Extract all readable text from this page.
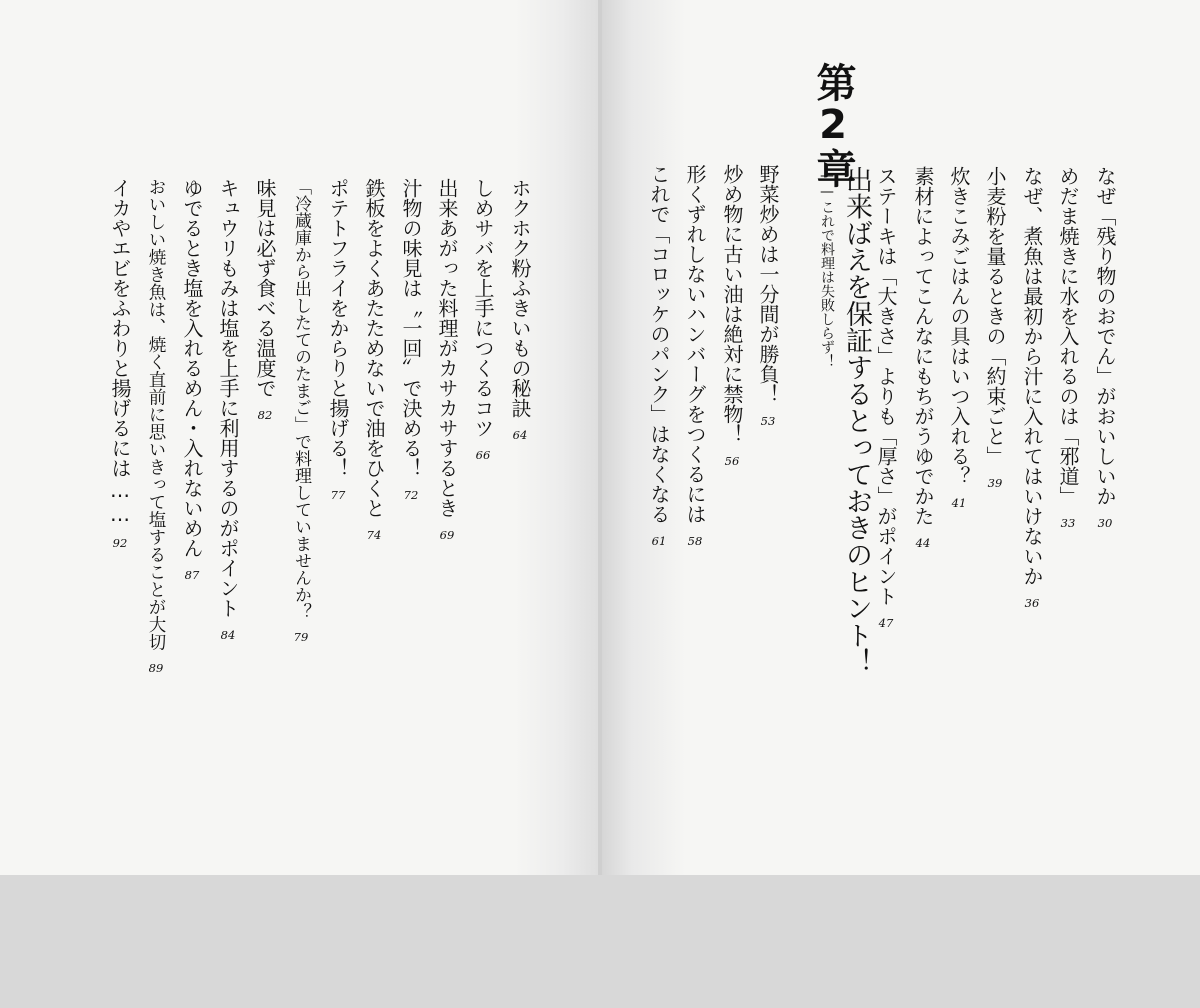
ホクホク粉ふきいもの秘訣
64
しめサバを上手につくるコツ
66
出来あがった料理がカサカサするとき
69
汁物の味見は〝一回〟で決める！
72
鉄板をよくあたためないで油をひくと
74
ポテトフライをからりと揚げる！
77
「冷蔵庫から出したてのたまご」で料理していませんか？
79
味見は必ず食べる温度で
82
キュウリもみは塩を上手に利用するのがポイント
84
ゆでるとき塩を入れるめん・入れないめん
87
おいしい焼き魚は、焼く直前に思いきって塩することが大切
89
イカやエビをふわりと揚げるには……
92
なぜ「残り物のおでん」がおいしいか
30
めだま焼きに水を入れるのは「邪道」
33
なぜ、煮魚は最初から汁に入れてはいけないか
36
小麦粉を量るときの「約束ごと」
39
炊きこみごはんの具はいつ入れる？
41
素材によってこんなにもちがうゆでかた
44
ステーキは「大きさ」よりも「厚さ」がポイント
47
第2章
出来ばえを保証するとっておきのヒント！
——これで料理は失敗しらず！
野菜炒めは一分間が勝負！
53
炒め物に古い油は絶対に禁物！
56
形くずれしないハンバーグをつくるには
58
これで「コロッケのパンク」はなくなる
61
